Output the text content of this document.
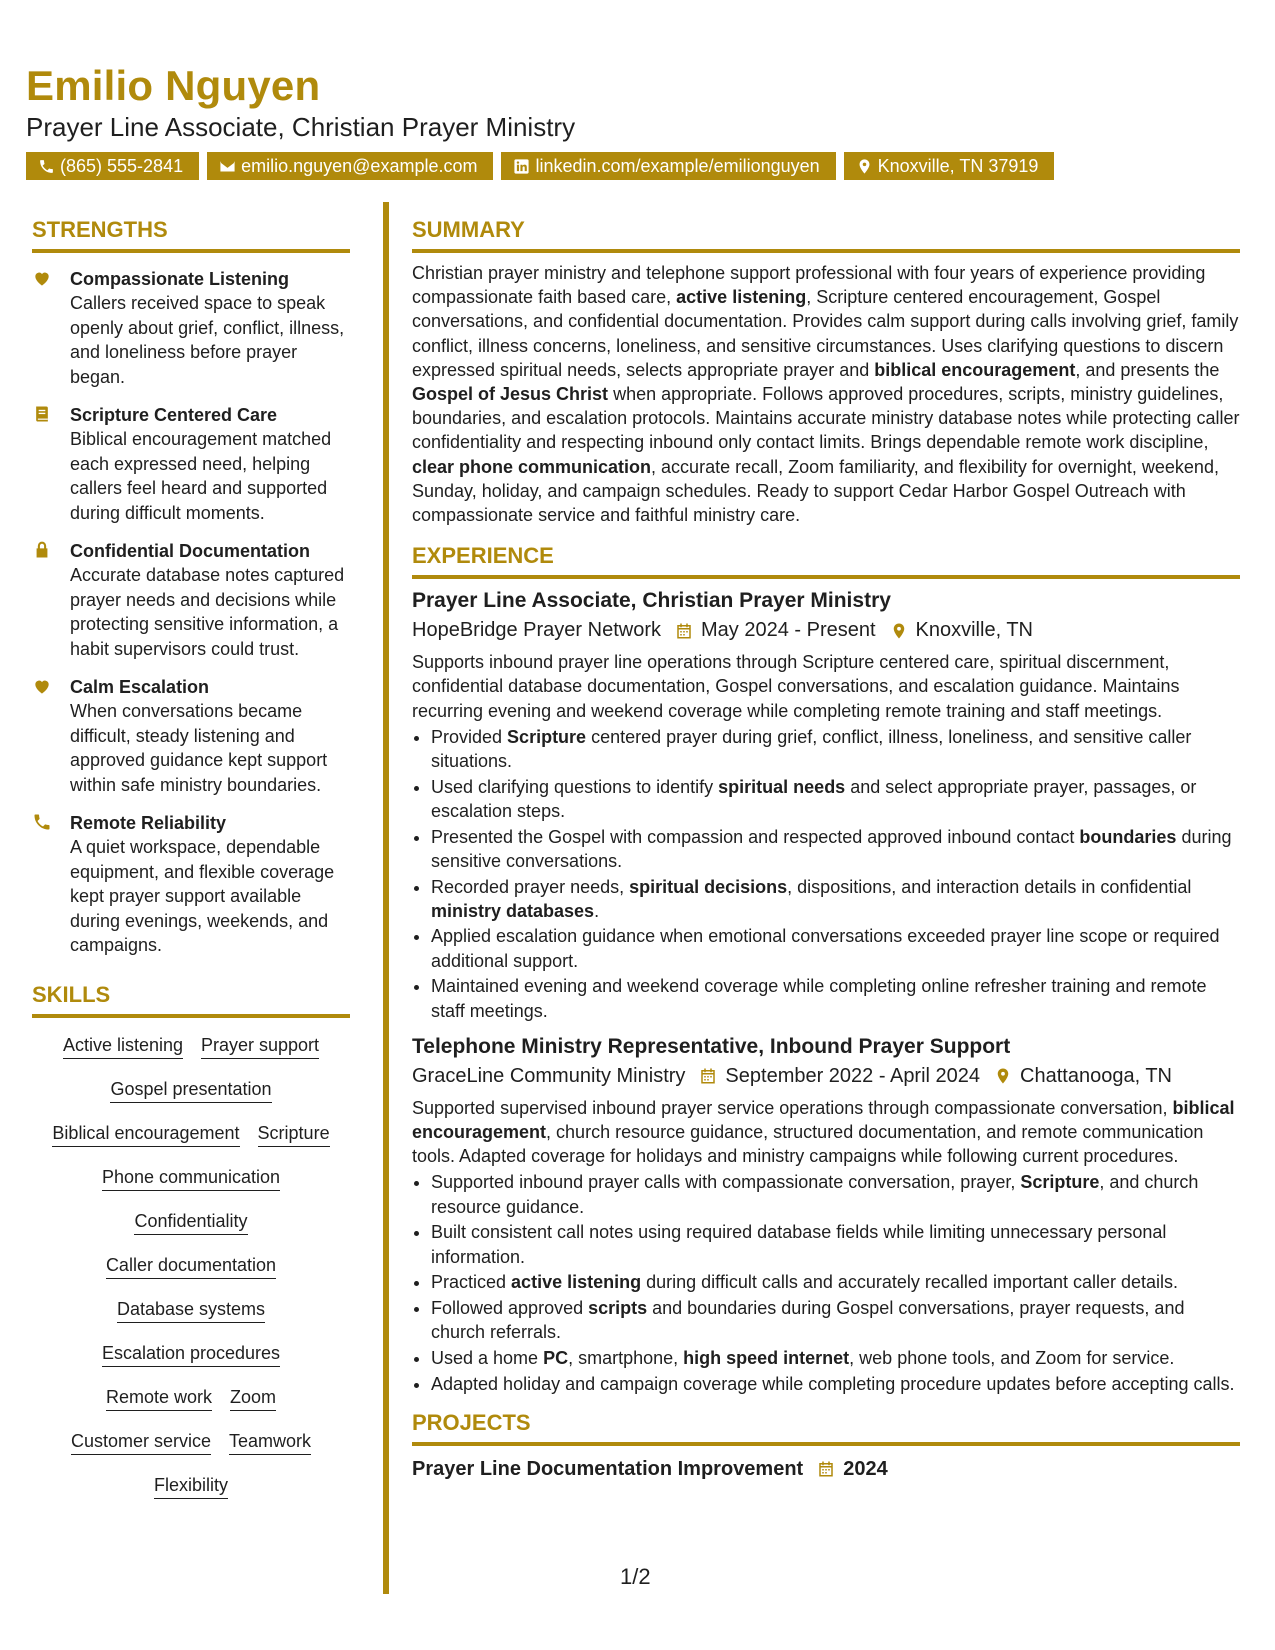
Emilio Nguyen
Prayer Line Associate, Christian Prayer Ministry
(865) 555-2841	emilio.nguyen@example.com	linkedin.com/example/emilionguyen	Knoxville, TN 37919
STRENGTHS
Compassionate Listening
Callers received space to speak openly about grief, conflict, illness, and loneliness before prayer began.
Scripture Centered Care
Biblical encouragement matched each expressed need, helping callers feel heard and supported during difficult moments.
Confidential Documentation
Accurate database notes captured prayer needs and decisions while protecting sensitive information, a habit supervisors could trust.
Calm Escalation
When conversations became difficult, steady listening and approved guidance kept support within safe ministry boundaries.
Remote Reliability
A quiet workspace, dependable equipment, and flexible coverage kept prayer support available during evenings, weekends, and campaigns.
SKILLS
Active listening Prayer support
Gospel presentation
Biblical encouragement Scripture
Phone communication
Confidentiality
Caller documentation
Database systems
Escalation procedures
Remote work Zoom
Customer service Teamwork
Flexibility
SUMMARY
Christian prayer ministry and telephone support professional with four years of experience providing compassionate faith based care, active listening, Scripture centered encouragement, Gospel conversations, and confidential documentation. Provides calm support during calls involving grief, family conflict, illness concerns, loneliness, and sensitive circumstances. Uses clarifying questions to discern expressed spiritual needs, selects appropriate prayer and biblical encouragement, and presents the Gospel of Jesus Christ when appropriate. Follows approved procedures, scripts, ministry guidelines, boundaries, and escalation protocols. Maintains accurate ministry database notes while protecting caller confidentiality and respecting inbound only contact limits. Brings dependable remote work discipline, clear phone communication, accurate recall, Zoom familiarity, and flexibility for overnight, weekend, Sunday, holiday, and campaign schedules. Ready to support Cedar Harbor Gospel Outreach with compassionate service and faithful ministry care.
EXPERIENCE
Prayer Line Associate, Christian Prayer Ministry
HopeBridge Prayer Network May 2024 - Present Knoxville, TN
Supports inbound prayer line operations through Scripture centered care, spiritual discernment, confidential database documentation, Gospel conversations, and escalation guidance. Maintains recurring evening and weekend coverage while completing remote training and staff meetings.
• Provided Scripture centered prayer during grief, conflict, illness, loneliness, and sensitive caller situations.
• Used clarifying questions to identify spiritual needs and select appropriate prayer, passages, or escalation steps.
• Presented the Gospel with compassion and respected approved inbound contact boundaries during sensitive conversations.
• Recorded prayer needs, spiritual decisions, dispositions, and interaction details in confidential ministry databases.
• Applied escalation guidance when emotional conversations exceeded prayer line scope or required additional support.
• Maintained evening and weekend coverage while completing online refresher training and remote staff meetings.
Telephone Ministry Representative, Inbound Prayer Support
GraceLine Community Ministry September 2022 - April 2024 Chattanooga, TN
Supported supervised inbound prayer service operations through compassionate conversation, biblical encouragement, church resource guidance, structured documentation, and remote communication tools. Adapted coverage for holidays and ministry campaigns while following current procedures.
• Supported inbound prayer calls with compassionate conversation, prayer, Scripture, and church resource guidance.
• Built consistent call notes using required database fields while limiting unnecessary personal information.
• Practiced active listening during difficult calls and accurately recalled important caller details.
• Followed approved scripts and boundaries during Gospel conversations, prayer requests, and church referrals.
• Used a home PC, smartphone, high speed internet, web phone tools, and Zoom for service.
• Adapted holiday and campaign coverage while completing procedure updates before accepting calls.
PROJECTS
Prayer Line Documentation Improvement 2024
1/2
